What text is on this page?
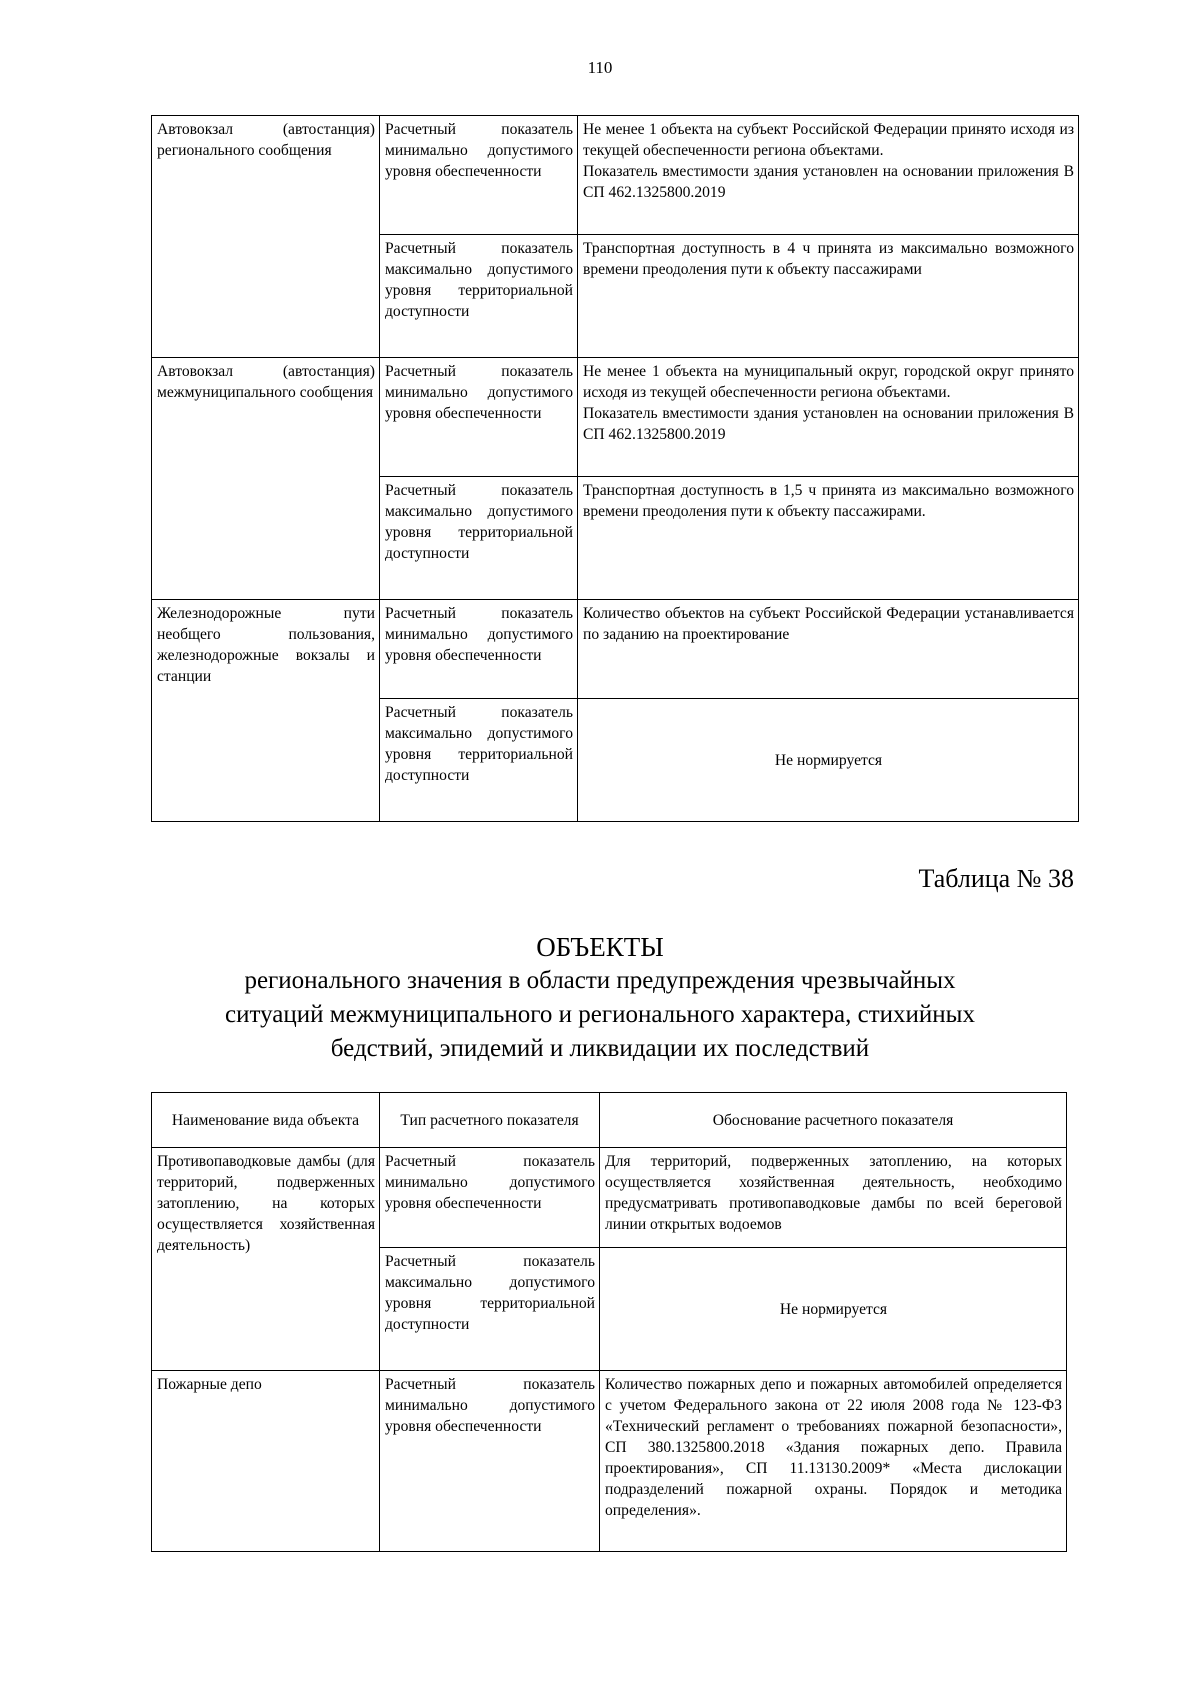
110
Автовокзал (автостанция) регионального сообщения	Расчетный показатель минимально допустимого уровня обеспеченности	Не менее 1 объекта на субъект Российской Федерации принято исходя из текущей обеспеченности региона объектами.
Показатель вместимости здания установлен на основании приложения В СП 462.1325800.2019

	Расчетный показатель максимально допустимого уровня территориальной доступности	Транспортная доступность в 4 ч принята из максимально возможного времени преодоления пути к объекту пассажирами

Автовокзал (автостанция) межмуниципального сообщения	Расчетный показатель минимально допустимого уровня обеспеченности	Не менее 1 объекта на муниципальный округ, городской округ принято исходя из текущей обеспеченности региона объектами.
Показатель вместимости здания установлен на основании приложения В СП 462.1325800.2019

	Расчетный показатель максимально допустимого уровня территориальной доступности	Транспортная доступность в 1,5 ч принята из максимально возможного времени преодоления пути к объекту пассажирами.

Железнодорожные пути необщего пользования, железнодорожные вокзалы и станции	Расчетный показатель минимально допустимого уровня обеспеченности	Количество объектов на субъект Российской Федерации устанавливается по заданию на проектирование

	Расчетный показатель максимально допустимого уровня территориальной доступности	Не нормируется
Таблица № 38
ОБЪЕКТЫ
регионального значения в области предупреждения чрезвычайных
ситуаций межмуниципального и регионального характера, стихийных
бедствий, эпидемий и ликвидации их последствий
Наименование вида объекта	Тип расчетного показателя	Обоснование расчетного показателя
Противопаводковые дамбы (для территорий, подверженных затоплению, на которых осуществляется хозяйственная деятельность)	Расчетный показатель минимально допустимого уровня обеспеченности	Для территорий, подверженных затоплению, на которых осуществляется хозяйственная деятельность, необходимо предусматривать противопаводковые дамбы по всей береговой линии открытых водоемов
	Расчетный показатель максимально допустимого уровня территориальной доступности	Не нормируется
Пожарные депо	Расчетный показатель минимально допустимого уровня обеспеченности	Количество пожарных депо и пожарных автомобилей определяется с учетом Федерального закона от 22 июля 2008 года № 123-ФЗ «Технический регламент о требованиях пожарной безопасности», СП 380.1325800.2018 «Здания пожарных депо. Правила проектирования», СП 11.13130.2009* «Места дислокации подразделений пожарной охраны. Порядок и методика определения».
